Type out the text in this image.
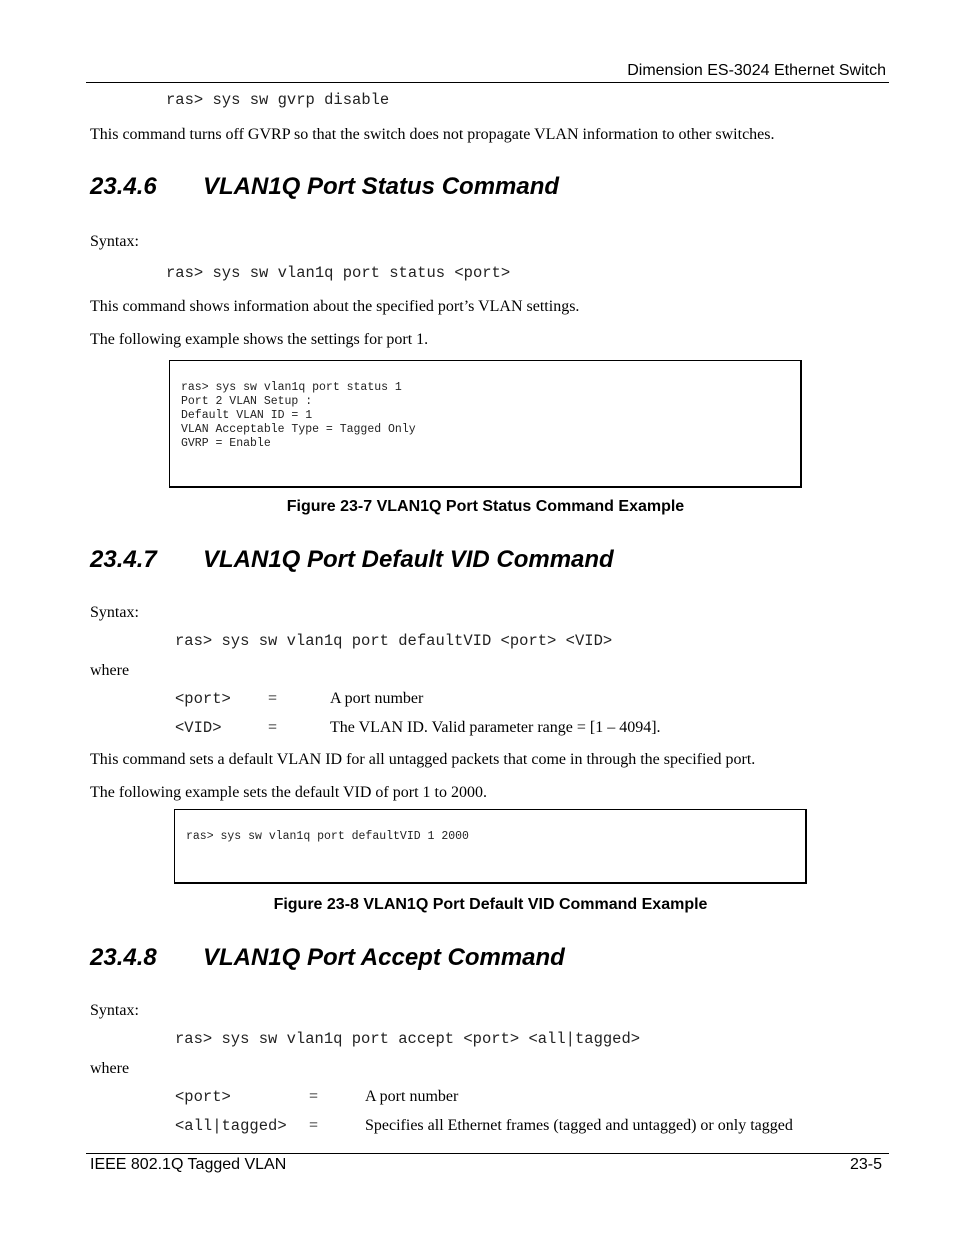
Dimension ES-3024 Ethernet Switch
ras> sys sw gvrp disable

This command turns off GVRP so that the switch does not propagate VLAN information to other switches.

23.4.6 VLAN1Q Port Status Command
Syntax:
ras> sys sw vlan1q port status <port>

This command shows information about the specified port’s VLAN settings.

The following example shows the settings for port 1.

ras> sys sw vlan1q port status 1
Port 2 VLAN Setup :
Default VLAN ID = 1
VLAN Acceptable Type = Tagged Only
GVRP = Enable
Figure 23-7 VLAN1Q Port Status Command Example
23.4.7 VLAN1Q Port Default VID Command
Syntax:
ras> sys sw vlan1q port defaultVID <port> <VID>
where
<port> =	A port number
<VID>	=	The VLAN ID. Valid parameter range = [1 – 4094].

This command sets a default VLAN ID for all untagged packets that come in through the specified port.

The following example sets the default VID of port 1 to 2000.

ras> sys sw vlan1q port defaultVID 1 2000
Figure 23-8 VLAN1Q Port Default VID Command Example
23.4.8 VLAN1Q Port Accept Command
Syntax:
ras> sys sw vlan1q port accept <port> <all|tagged>
where
<port>	=	A port number
<all|tagged> =	Specifies all Ethernet frames (tagged and untagged) or only tagged
IEEE 802.1Q Tagged VLAN	23-5
